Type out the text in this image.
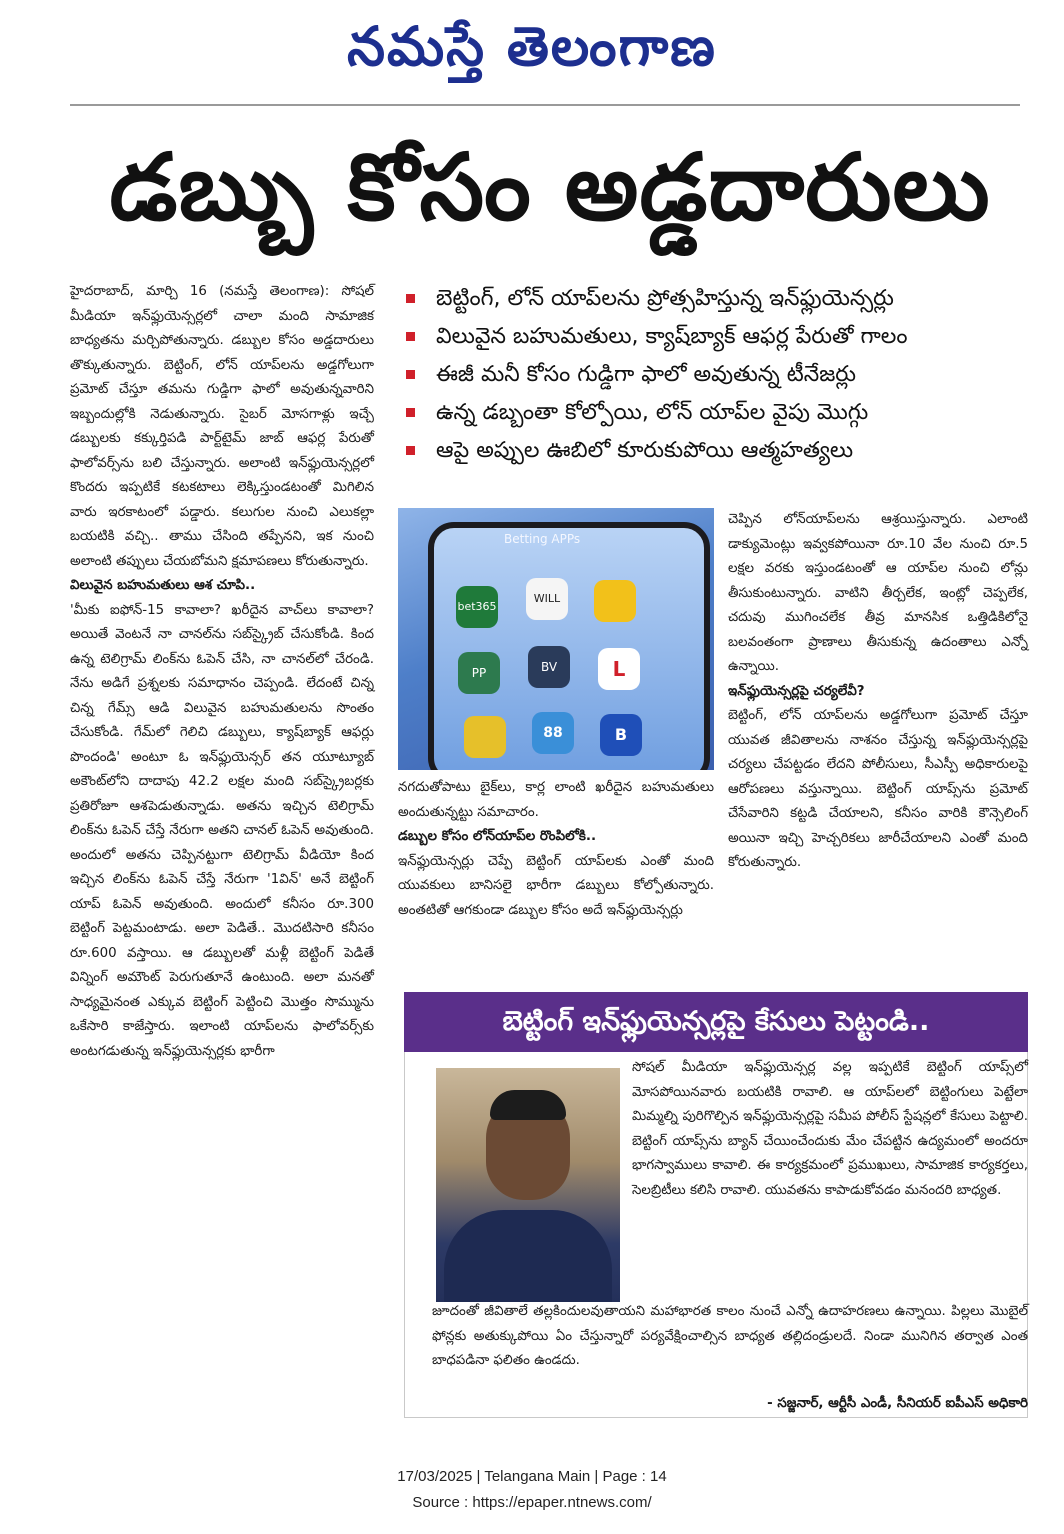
నమస్తే తెలంగాణ
డబ్బు కోసం అడ్డదారులు

హైదరాబాద్, మార్చి 16 (నమస్తే తెలంగాణ): సోషల్ మీడియా ఇన్‌ఫ్లుయెన్సర్లలో చాలా మంది సామాజిక బాధ్యతను మర్చిపోతున్నారు. డబ్బుల కోసం అడ్డదారులు తొక్కుతున్నారు. బెట్టింగ్, లోన్ యాప్‌లను అడ్డగోలుగా ప్రమోట్ చేస్తూ తమను గుడ్డిగా ఫాలో అవుతున్నవారిని ఇబ్బందుల్లోకి నెడుతున్నారు. సైబర్ మోసగాళ్లు ఇచ్చే డబ్బులకు కక్కుర్తిపడి పార్ట్‌టైమ్ జాబ్ ఆఫర్ల పేరుతో ఫాలోవర్స్‌ను బలి చేస్తున్నారు. అలాంటి ఇన్‌ఫ్లుయెన్సర్లలో కొందరు ఇప్పటికే కటకటాలు లెక్కిస్తుండటంతో మిగిలిన వారు ఇరకాటంలో పడ్డారు. కలుగుల నుంచి ఎలుకల్లా బయటికి వచ్చి.. తాము చేసింది తప్పేనని, ఇక నుంచి అలాంటి తప్పులు చేయబోమని క్షమాపణలు కోరుతున్నారు.

విలువైన బహుమతులు ఆశ చూపి..

'మీకు ఐఫోన్-15 కావాలా? ఖరీదైన వాచ్‌లు కావాలా? అయితే వెంటనే నా చానల్‌ను సబ్‌స్క్రైబ్ చేసుకోండి. కింద ఉన్న టెలిగ్రామ్ లింక్‌ను ఓపెన్ చేసి, నా చానల్‌లో చేరండి. నేను అడిగే ప్రశ్నలకు సమాధానం చెప్పండి. లేదంటే చిన్న చిన్న గేమ్స్ ఆడి విలువైన బహుమతులను సొంతం చేసుకోండి. గేమ్‌లో గెలిచి డబ్బులు, క్యాష్‌బ్యాక్ ఆఫర్లు పొందండి' అంటూ ఓ ఇన్‌ఫ్లుయెన్సర్ తన యూట్యూబ్ అకౌంట్‌లోని దాదాపు 42.2 లక్షల మంది సబ్‌స్క్రైబర్లకు ప్రతిరోజూ ఆశపెడుతున్నాడు. అతను ఇచ్చిన టెలిగ్రామ్ లింక్‌ను ఓపెన్ చేస్తే నేరుగా అతని చానల్ ఓపెన్ అవుతుంది. అందులో అతను చెప్పినట్టుగా టెలిగ్రామ్ వీడియో కింద ఇచ్చిన లింక్‌ను ఓపెన్ చేస్తే నేరుగా '1విన్' అనే బెట్టింగ్ యాప్ ఓపెన్ అవుతుంది. అందులో కనీసం రూ.300 బెట్టింగ్ పెట్టమంటాడు. అలా పెడితే.. మొదటిసారి కనీసం రూ.600 వస్తాయి. ఆ డబ్బులతో మళ్లీ బెట్టింగ్ పెడితే విన్నింగ్ అమౌంట్ పెరుగుతూనే ఉంటుంది. అలా మనతో సాధ్యమైనంత ఎక్కువ బెట్టింగ్ పెట్టించి మొత్తం సొమ్మును ఒకేసారి కాజేస్తారు. ఇలాంటి యాప్‌లను ఫాలోవర్స్‌కు అంటగడుతున్న ఇన్‌ఫ్లుయెన్సర్లకు భారీగా

బెట్టింగ్, లోన్ యాప్‌లను ప్రోత్సహిస్తున్న ఇన్‌ఫ్లుయెన్సర్లు
విలువైన బహుమతులు, క్యాష్‌బ్యాక్ ఆఫర్ల పేరుతో గాలం
ఈజీ మనీ కోసం గుడ్డిగా ఫాలో అవుతున్న టీనేజర్లు
ఉన్న డబ్బంతా కోల్పోయి, లోన్ యాప్‌ల వైపు మొగ్గు
ఆపై అప్పుల ఊబిలో కూరుకుపోయి ఆత్మహత్యలు
Betting APPs
bet365
WILL
PP	BV	L
88	B

నగదుతోపాటు బైక్‌లు, కార్ల లాంటి ఖరీదైన బహుమతులు అందుతున్నట్టు సమాచారం.

డబ్బుల కోసం లోన్‌యాప్‌ల రొంపిలోకి..

ఇన్‌ఫ్లుయెన్సర్లు చెప్పే బెట్టింగ్ యాప్‌లకు ఎంతో మంది యువకులు బానిసలై భారీగా డబ్బులు కోల్పోతున్నారు. అంతటితో ఆగకుండా డబ్బుల కోసం అదే ఇన్‌ఫ్లుయెన్సర్లు

చెప్పిన లోన్‌యాప్‌లను ఆశ్రయిస్తున్నారు. ఎలాంటి డాక్యుమెంట్లు ఇవ్వకపోయినా రూ.10 వేల నుంచి రూ.5 లక్షల వరకు ఇస్తుండటంతో ఆ యాప్‌ల నుంచి లోన్లు తీసుకుంటున్నారు. వాటిని తీర్చలేక, ఇంట్లో చెప్పలేక, చదువు ముగించలేక తీవ్ర మానసిక ఒత్తిడికిలోనై బలవంతంగా ప్రాణాలు తీసుకున్న ఉదంతాలు ఎన్నో ఉన్నాయి.

ఇన్‌ఫ్లుయెన్సర్లపై చర్యలేవీ?

బెట్టింగ్, లోన్ యాప్‌లను అడ్డగోలుగా ప్రమోట్ చేస్తూ యువత జీవితాలను నాశనం చేస్తున్న ఇన్‌ఫ్లుయెన్సర్లపై చర్యలు చేపట్టడం లేదని పోలీసులు, సీఎస్పీ అధికారులపై ఆరోపణలు వస్తున్నాయి. బెట్టింగ్ యాప్స్‌ను ప్రమోట్ చేసేవారిని కట్టడి చేయాలని, కనీసం వారికి కౌన్సెలింగ్ అయినా ఇచ్చి హెచ్చరికలు జారీచేయాలని ఎంతో మంది కోరుతున్నారు.

బెట్టింగ్ ఇన్‌ఫ్లుయెన్సర్లపై కేసులు పెట్టండి..
సోషల్ మీడియా ఇన్‌ఫ్లుయెన్సర్ల వల్ల ఇప్పటికే బెట్టింగ్ యాప్స్‌లో మోసపోయినవారు బయటికి రావాలి. ఆ యాప్‌లలో బెట్టింగులు పెట్టేలా మిమ్మల్ని పురిగొల్పిన ఇన్‌ఫ్లుయెన్సర్లపై సమీప పోలీస్ స్టేషన్లలో కేసులు పెట్టాలి. బెట్టింగ్ యాప్స్‌ను బ్యాన్ చేయించేందుకు మేం చేపట్టిన ఉద్యమంలో అందరూ భాగస్వాములు కావాలి. ఈ కార్యక్రమంలో ప్రముఖులు, సామాజిక కార్యకర్తలు, సెలబ్రిటీలు కలిసి రావాలి. యువతను కాపాడుకోవడం మనందరి బాధ్యత.
జూదంతో జీవితాలే తల్లకిందులవుతాయని మహాభారత కాలం నుంచే ఎన్నో ఉదాహరణలు ఉన్నాయి. పిల్లలు మొబైల్ ఫోన్లకు అతుక్కుపోయి ఏం చేస్తున్నారో పర్యవేక్షించాల్సిన బాధ్యత తల్లిదండ్రులదే. నిండా మునిగిన తర్వాత ఎంత బాధపడినా ఫలితం ఉండదు.
- సజ్జనార్, ఆర్టీసీ ఎండీ, సీనియర్ ఐపీఎస్ అధికారి
17/03/2025 | Telangana Main | Page : 14
Source : https://epaper.ntnews.com/
